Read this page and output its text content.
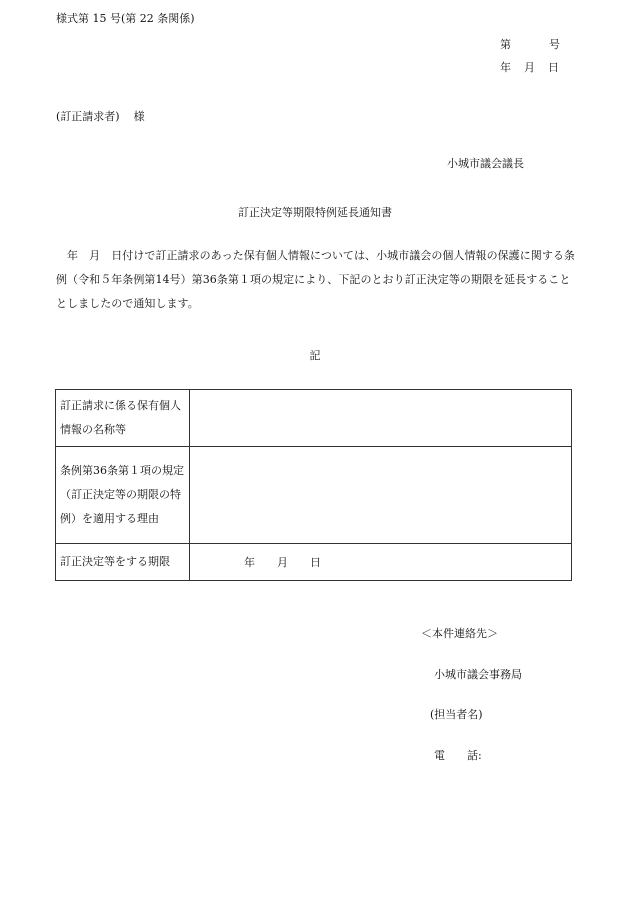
様式第 15 号(第 22 条関係)
第	号
年 月 日
(訂正請求者) 様
小城市議会議長
訂正決定等期限特例延長通知書
年　月　日付けで訂正請求のあった保有個人情報については、小城市議会の個人情報の保護に関する条例（令和５年条例第14号）第36条第１項の規定により、下記のとおり訂正決定等の期限を延長することとしましたので通知します。
記
訂正請求に係る保有個人情報の名称等	
条例第36条第１項の規定（訂正決定等の期限の特例）を適用する理由	
訂正決定等をする期限	年 月 日

＜本件連絡先＞

小城市議会事務局

(担当者名)

電　　話:
